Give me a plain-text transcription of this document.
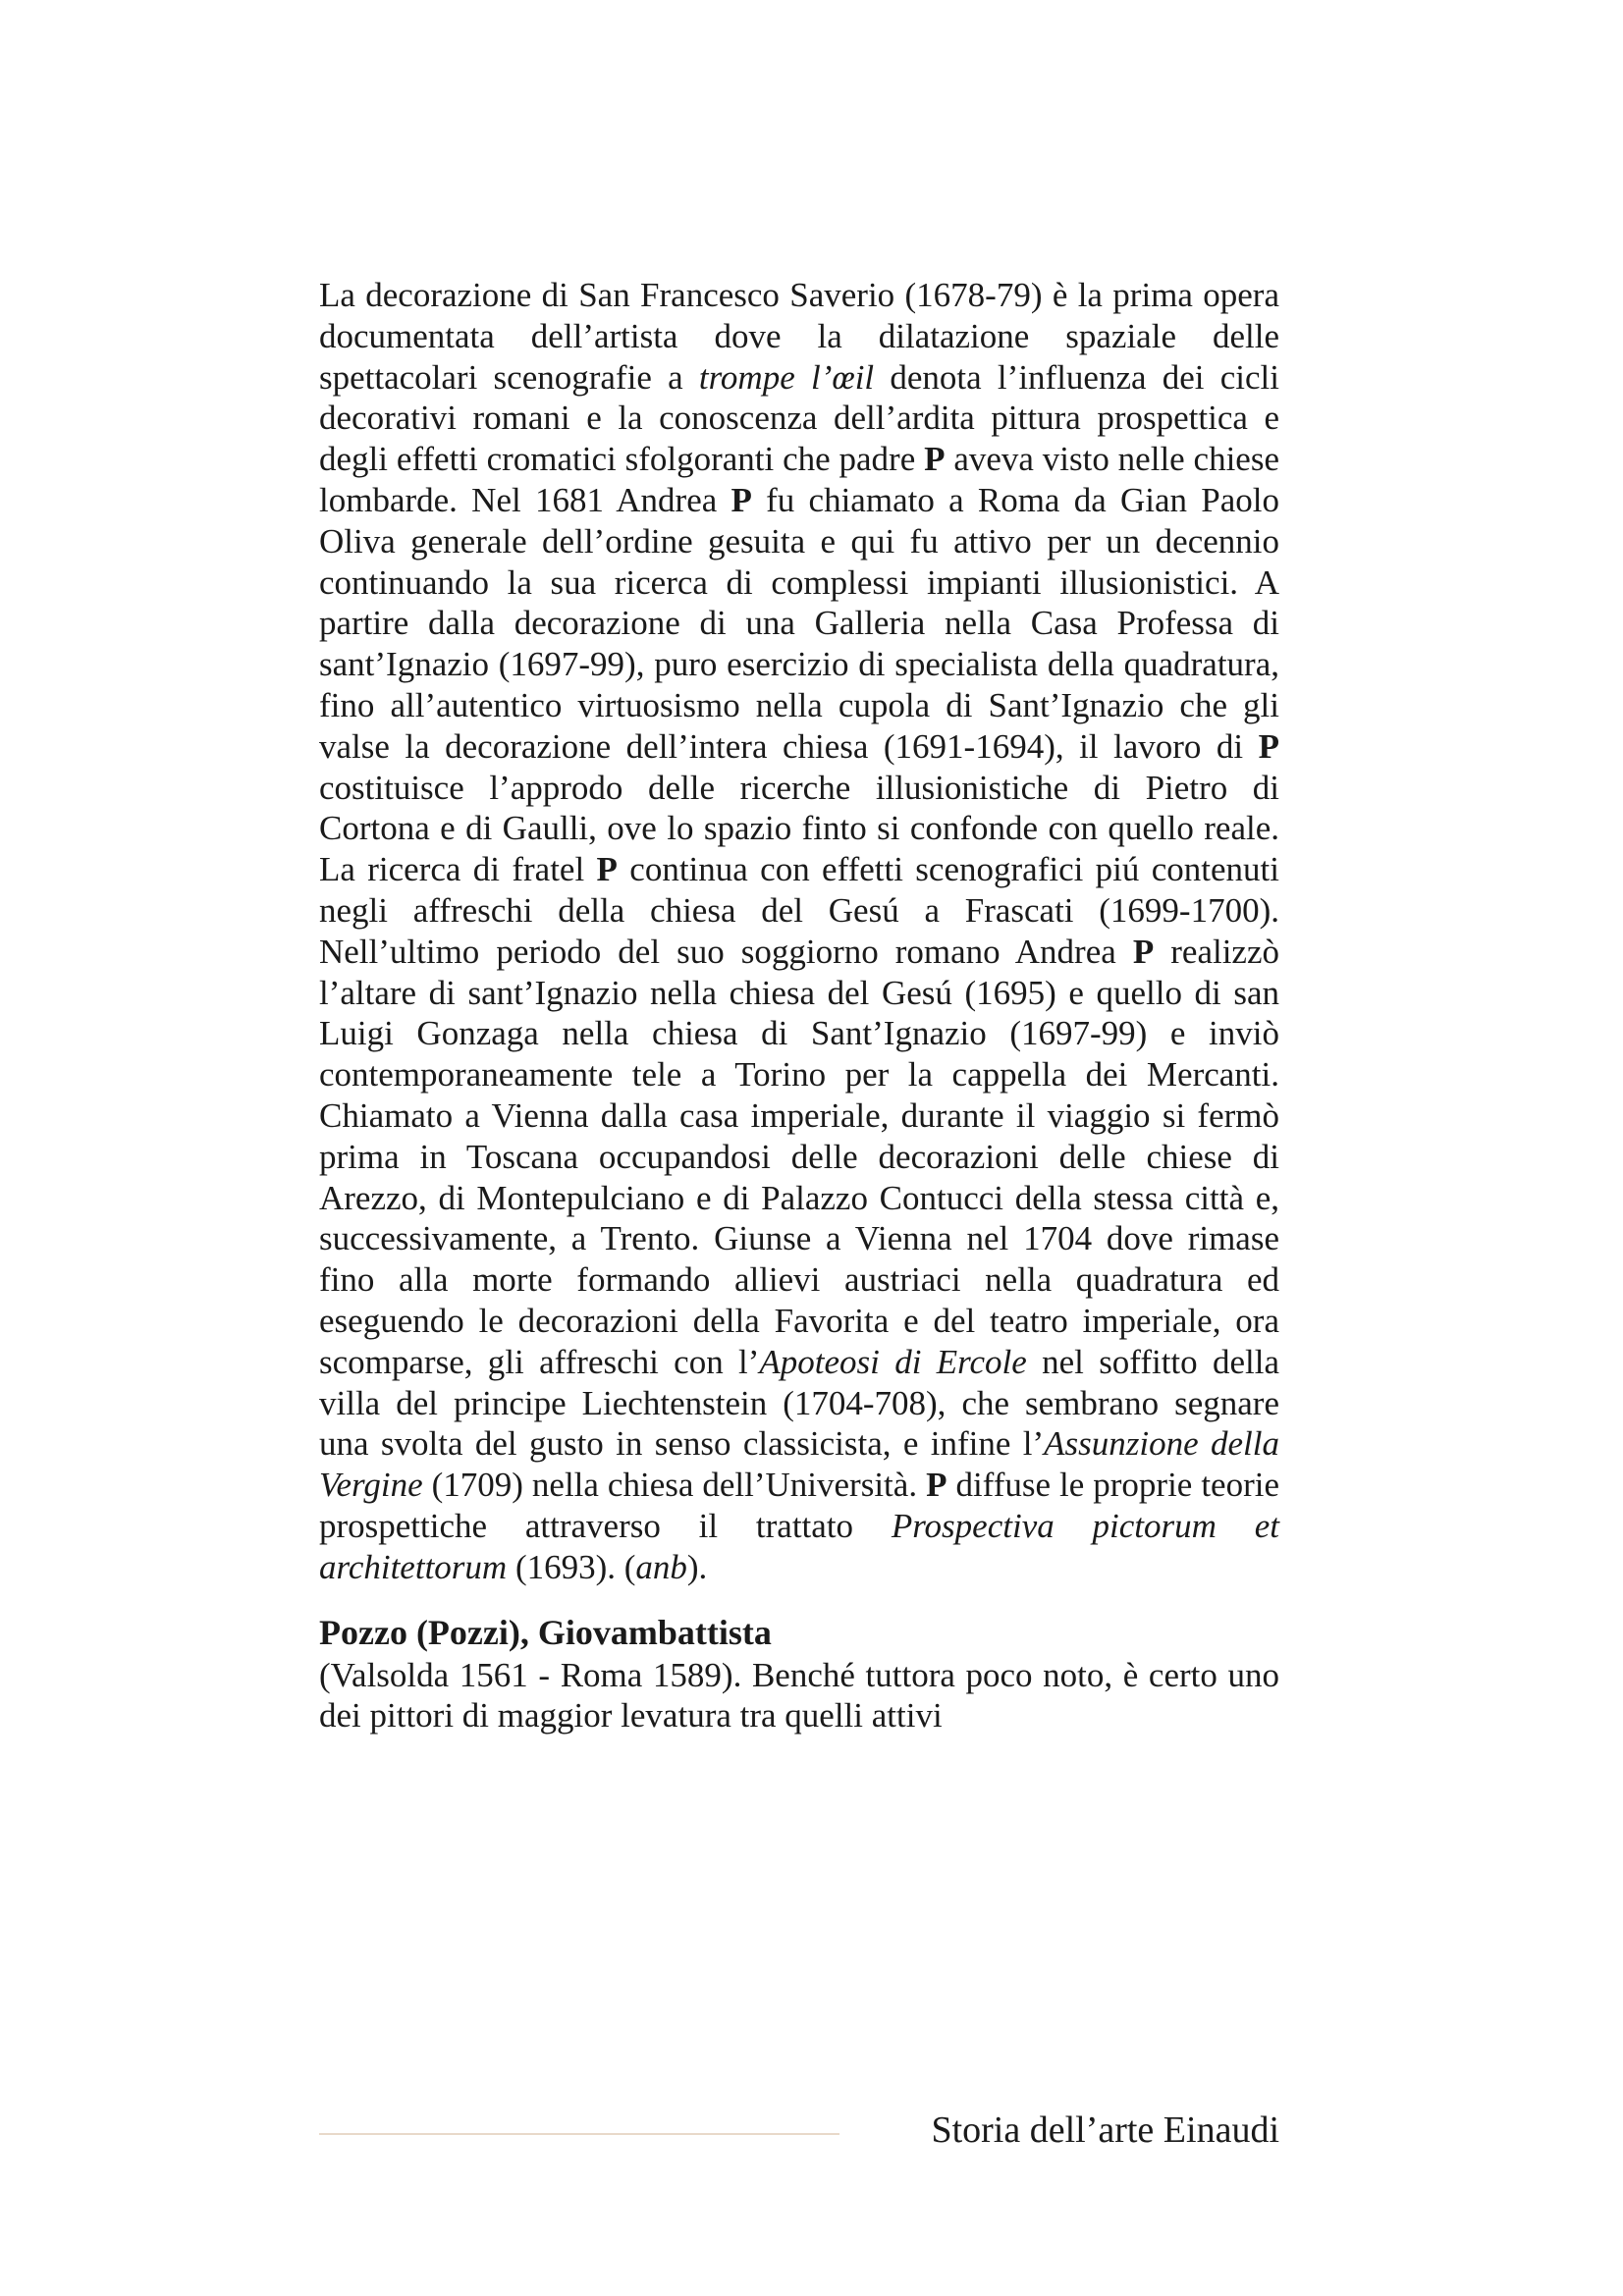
La decorazione di San Francesco Saverio (1678-79) è la prima opera documentata dell’artista dove la dilatazione spaziale delle spettacolari scenografie a trompe l’œil denota l’influenza dei cicli decorativi romani e la conoscenza dell’ardita pittura prospettica e degli effetti cromatici sfolgoranti che padre P aveva visto nelle chiese lombarde. Nel 1681 Andrea P fu chiamato a Roma da Gian Paolo Oliva generale dell’ordine gesuita e qui fu attivo per un decennio continuando la sua ricerca di complessi impianti illusionistici. A partire dalla decorazione di una Galleria nella Casa Professa di sant’Ignazio (1697-99), puro esercizio di specialista della quadratura, fino all’autentico virtuosismo nella cupola di Sant’Ignazio che gli valse la decorazione dell’intera chiesa (1691-1694), il lavoro di P costituisce l’approdo delle ricerche illusionistiche di Pietro di Cortona e di Gaulli, ove lo spazio finto si confonde con quello reale. La ricerca di fratel P continua con effetti scenografici piú contenuti negli affreschi della chiesa del Gesú a Frascati (1699-1700). Nell’ultimo periodo del suo soggiorno romano Andrea P realizzò l’altare di sant’Ignazio nella chiesa del Gesú (1695) e quello di san Luigi Gonzaga nella chiesa di Sant’Ignazio (1697-99) e inviò contemporaneamente tele a Torino per la cappella dei Mercanti. Chiamato a Vienna dalla casa imperiale, durante il viaggio si fermò prima in Toscana occupandosi delle decorazioni delle chiese di Arezzo, di Montepulciano e di Palazzo Contucci della stessa città e, successivamente, a Trento. Giunse a Vienna nel 1704 dove rimase fino alla morte formando allievi austriaci nella quadratura ed eseguendo le decorazioni della Favorita e del teatro imperiale, ora scomparse, gli affreschi con l’Apoteosi di Ercole nel soffitto della villa del principe Liechtenstein (1704-708), che sembrano segnare una svolta del gusto in senso classicista, e infine l’Assunzione della Vergine (1709) nella chiesa dell’Università. P diffuse le proprie teorie prospettiche attraverso il trattato Prospectiva pictorum et architettorum (1693). (anb).

Pozzo (Pozzi), Giovambattista

(Valsolda 1561 - Roma 1589). Benché tuttora poco noto, è certo uno dei pittori di maggior levatura tra quelli attivi

Storia dell’arte Einaudi
